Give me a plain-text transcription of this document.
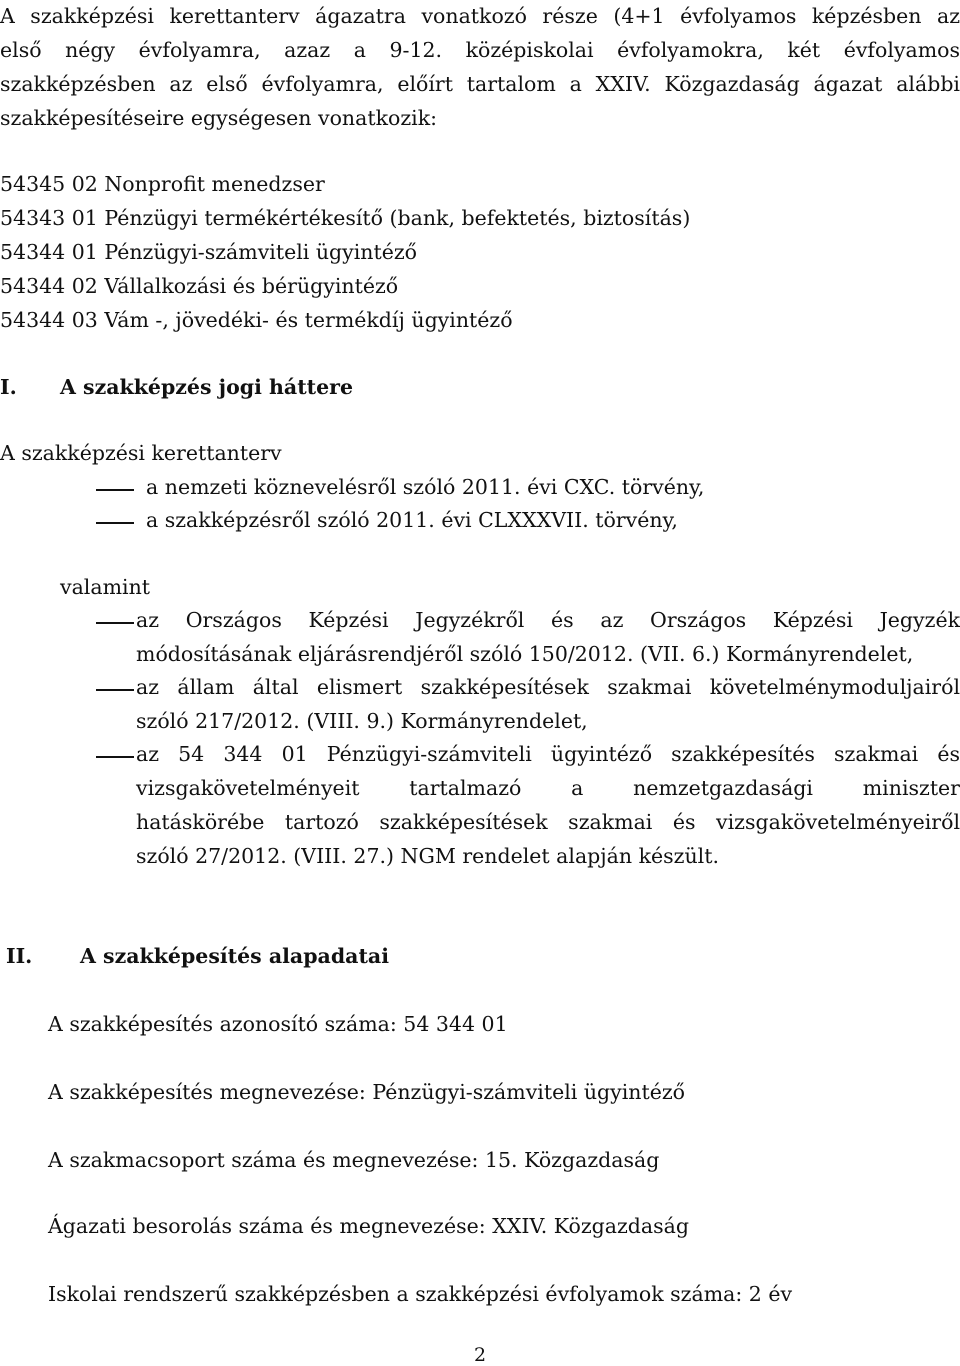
A szakképzési kerettanterv ágazatra vonatkozó része (4+1 évfolyamos képzésben az
első négy évfolyamra, azaz a 9-12. középiskolai évfolyamokra, két évfolyamos
szakképzésben az első évfolyamra, előírt tartalom a XXIV. Közgazdaság ágazat alábbi
szakképesítéseire egységesen vonatkozik:
54345 02 Nonprofit menedzser
54343 01 Pénzügyi termékértékesítő (bank, befektetés, biztosítás)
54344 01 Pénzügyi-számviteli ügyintéző
54344 02 Vállalkozási és bérügyintéző
54344 03 Vám -, jövedéki- és termékdíj ügyintéző
I. A szakképzés jogi háttere
A szakképzési kerettanterv
a nemzeti köznevelésről szóló 2011. évi CXC. törvény,
a szakképzésről szóló 2011. évi CLXXXVII. törvény,
valamint
az Országos Képzési Jegyzékről és az Országos Képzési Jegyzék
módosításának eljárásrendjéről szóló 150/2012. (VII. 6.) Kormányrendelet,
az állam által elismert szakképesítések szakmai követelménymoduljairól
szóló 217/2012. (VIII. 9.) Kormányrendelet,
az 54 344 01 Pénzügyi-számviteli ügyintéző szakképesítés szakmai és
vizsgakövetelményeit tartalmazó a nemzetgazdasági miniszter
hatáskörébe tartozó szakképesítések szakmai és vizsgakövetelményeiről
szóló 27/2012. (VIII. 27.) NGM rendelet alapján készült.
II. A szakképesítés alapadatai
A szakképesítés azonosító száma: 54 344 01
A szakképesítés megnevezése: Pénzügyi-számviteli ügyintéző
A szakmacsoport száma és megnevezése: 15. Közgazdaság
Ágazati besorolás száma és megnevezése: XXIV. Közgazdaság
Iskolai rendszerű szakképzésben a szakképzési évfolyamok száma: 2 év
2
